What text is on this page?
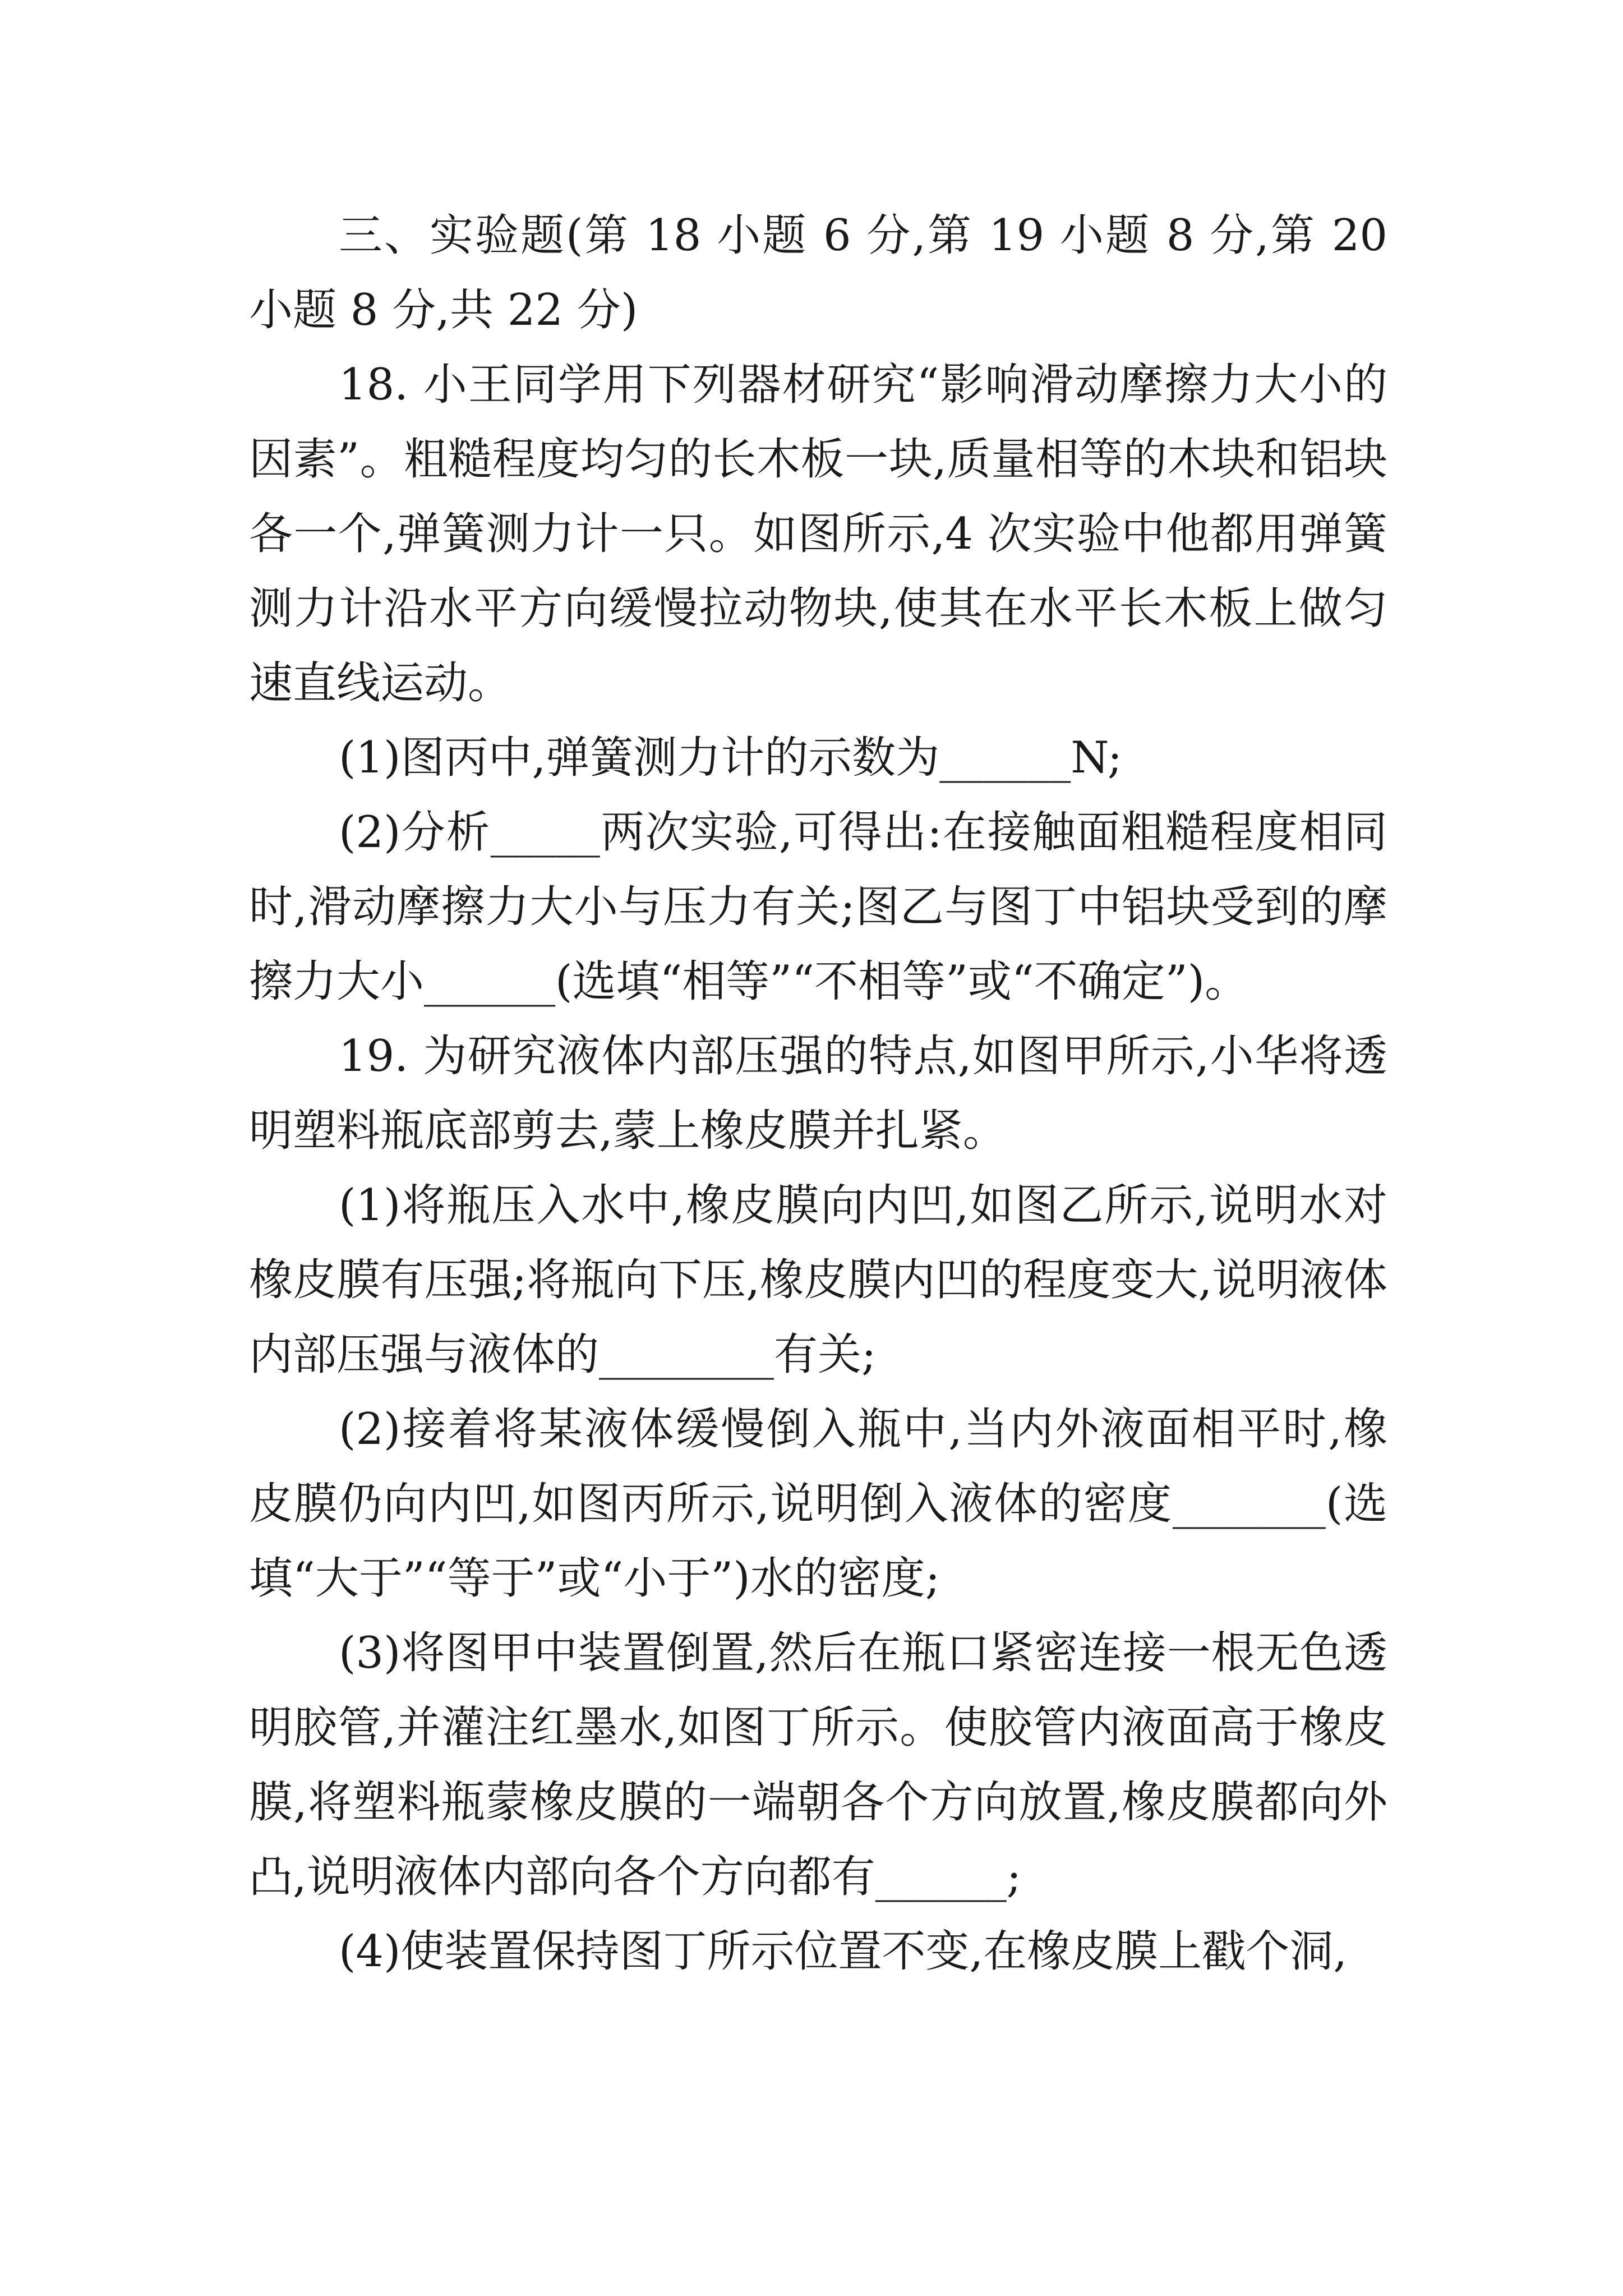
三、实验题(第 18 小题 6 分,第 19 小题 8 分,第 20 小题 8 分,共 22 分)

18. 小王同学用下列器材研究“影响滑动摩擦力大小的因素”。粗糙程度均匀的长木板一块,质量相等的木块和铝块各一个,弹簧测力计一只。如图所示,4 次实验中他都用弹簧测力计沿水平方向缓慢拉动物块,使其在水平长木板上做匀速直线运动。

(1)图丙中,弹簧测力计的示数为______N;

(2)分析_____两次实验,可得出:在接触面粗糙程度相同时,滑动摩擦力大小与压力有关;图乙与图丁中铝块受到的摩擦力大小______(选填“相等”“不相等”或“不确定”)。

19. 为研究液体内部压强的特点,如图甲所示,小华将透明塑料瓶底部剪去,蒙上橡皮膜并扎紧。

(1)将瓶压入水中,橡皮膜向内凹,如图乙所示,说明水对橡皮膜有压强;将瓶向下压,橡皮膜内凹的程度变大,说明液体内部压强与液体的________有关;

(2)接着将某液体缓慢倒入瓶中,当内外液面相平时,橡皮膜仍向内凹,如图丙所示,说明倒入液体的密度_______(选填“大于”“等于”或“小于”)水的密度;

(3)将图甲中装置倒置,然后在瓶口紧密连接一根无色透明胶管,并灌注红墨水,如图丁所示。使胶管内液面高于橡皮膜,将塑料瓶蒙橡皮膜的一端朝各个方向放置,橡皮膜都向外凸,说明液体内部向各个方向都有______;

(4)使装置保持图丁所示位置不变,在橡皮膜上戳个洞,
